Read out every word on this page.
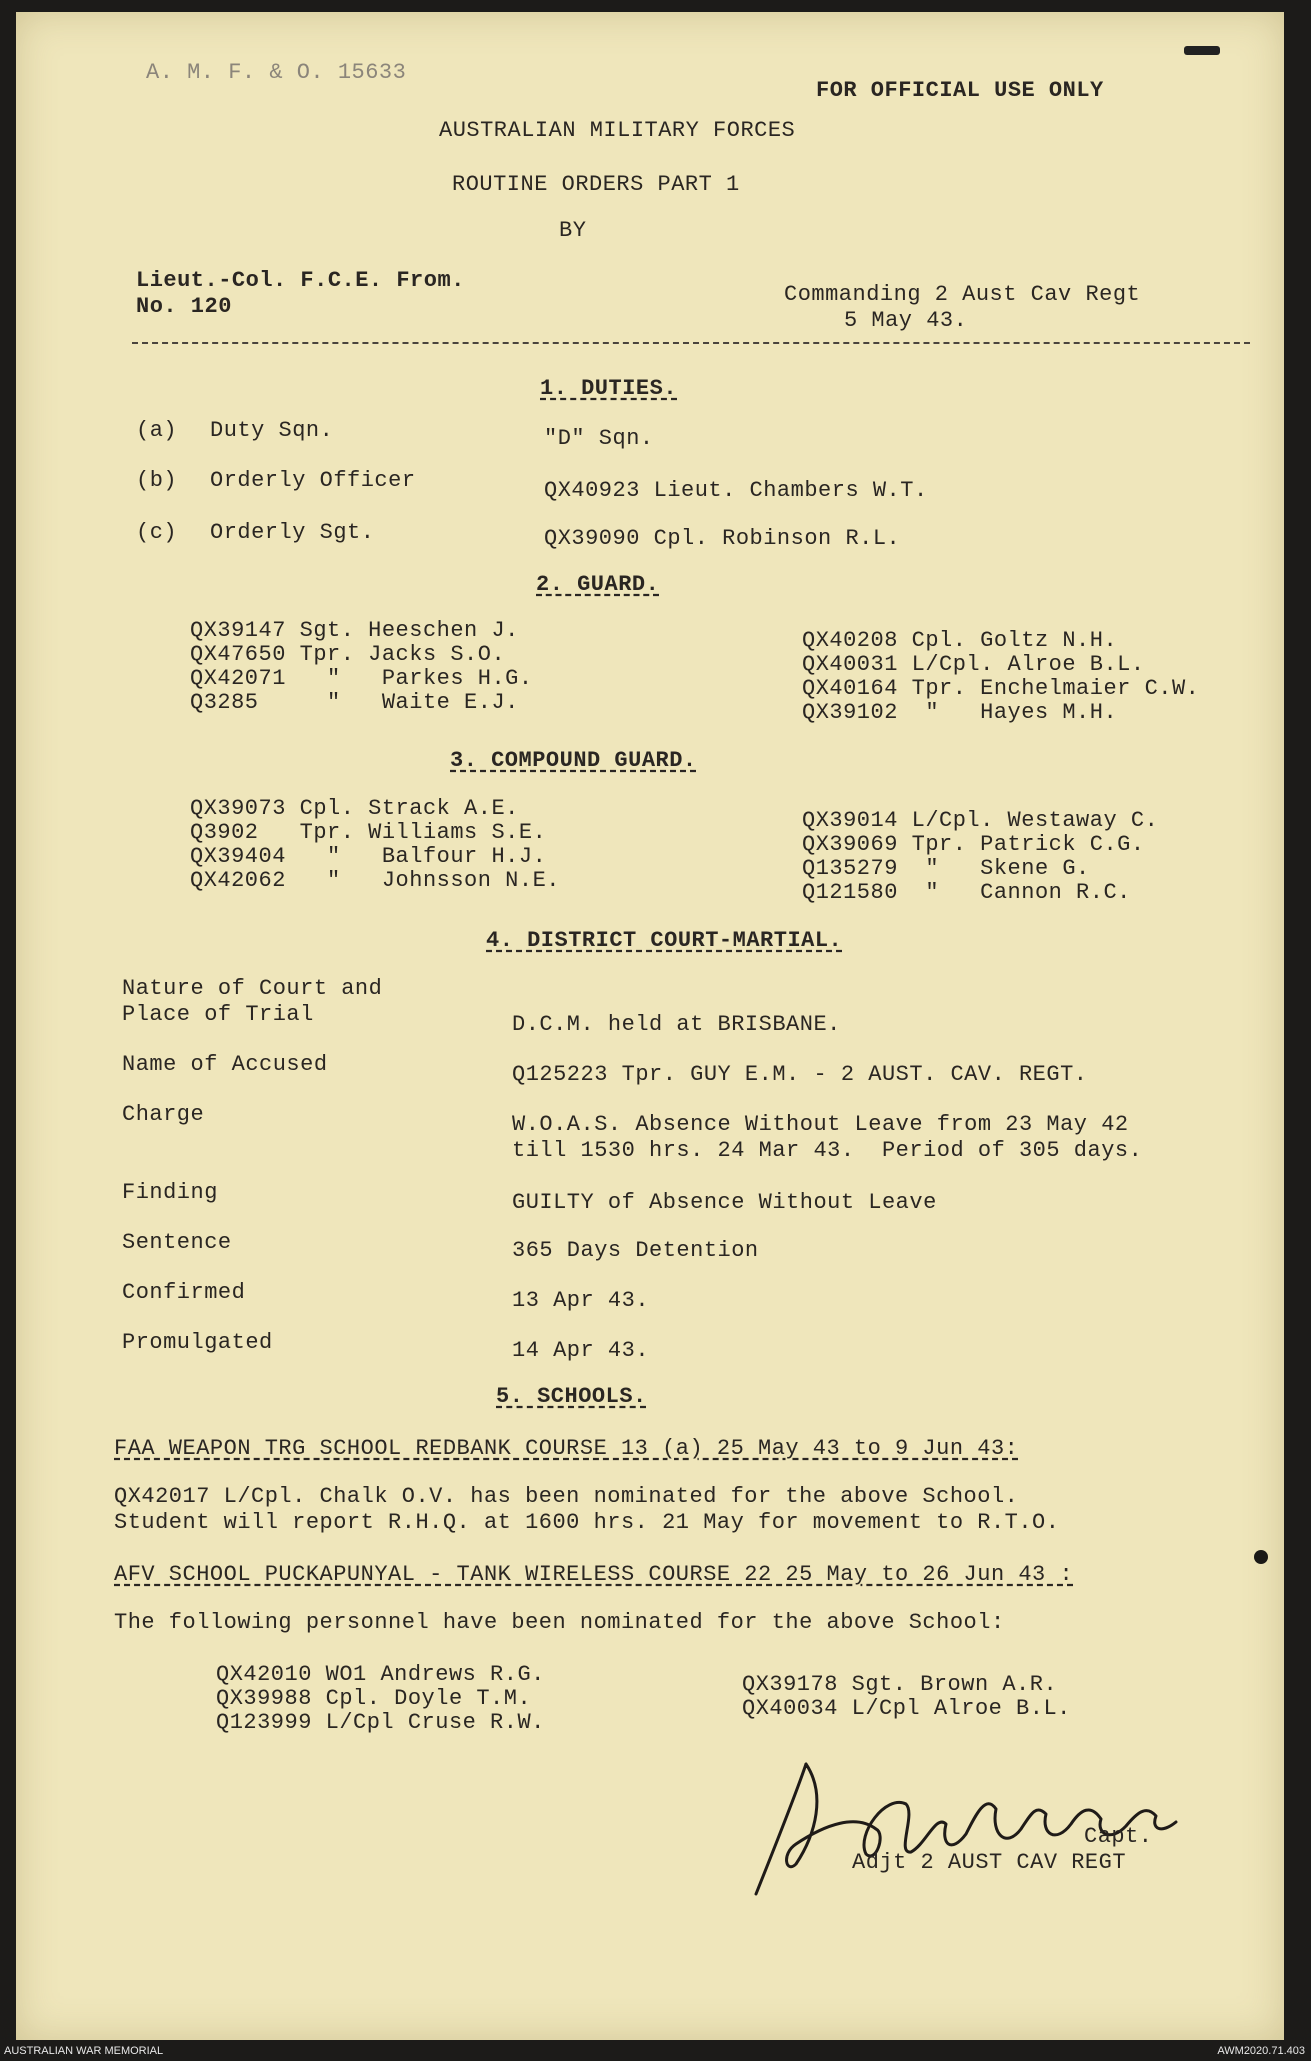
A. M. F. & O. 15633
FOR OFFICIAL USE ONLY
AUSTRALIAN MILITARY FORCES
ROUTINE ORDERS PART 1
BY
Lieut.-Col. F.C.E. From.
No. 120	Commanding 2 Aust Cav Regt
5 May 43.
1. DUTIES.
(a) Duty Sqn.	"D" Sqn.
(b) Orderly Officer	QX40923 Lieut. Chambers W.T.
(c) Orderly Sgt.	QX39090 Cpl. Robinson R.L.
2. GUARD.
QX39147 Sgt. Heeschen J.
QX47650 Tpr. Jacks S.O.
QX42071 " Parkes H.G.
Q3285	" Waite E.J.
QX40208 Cpl. Goltz N.H.
QX40031 L/Cpl. Alroe B.L.
QX40164 Tpr. Enchelmaier C.W.
QX39102 " Hayes M.H.
3. COMPOUND GUARD.
QX39073 Cpl. Strack A.E.
Q3902 Tpr. Williams S.E.
QX39404 " Balfour H.J.
QX42062 " Johnsson N.E.
QX39014 L/Cpl. Westaway C.
QX39069 Tpr. Patrick C.G.
Q135279 " Skene G.
Q121580 " Cannon R.C.
4. DISTRICT COURT-MARTIAL.
Nature of Court and
Place of Trial	D.C.M. held at BRISBANE.
Name of Accused	Q125223 Tpr. GUY E.M. - 2 AUST. CAV. REGT.
Charge	W.O.A.S. Absence Without Leave from 23 May 42
till 1530 hrs. 24 Mar 43.  Period of 305 days.
Finding	GUILTY of Absence Without Leave
Sentence	365 Days Detention
Confirmed	13 Apr 43.
Promulgated	14 Apr 43.
5. SCHOOLS.
FAA WEAPON TRG SCHOOL REDBANK COURSE 13 (a) 25 May 43 to 9 Jun 43:
QX42017 L/Cpl. Chalk O.V. has been nominated for the above School.
Student will report R.H.Q. at 1600 hrs. 21 May for movement to R.T.O.
AFV SCHOOL PUCKAPUNYAL - TANK WIRELESS COURSE 22 25 May to 26 Jun 43 :
The following personnel have been nominated for the above School:
QX42010 WO1 Andrews R.G.
QX39988 Cpl. Doyle T.M.
Q123999 L/Cpl Cruse R.W.
QX39178 Sgt. Brown A.R.
QX40034 L/Cpl Alroe B.L.
Capt.
Adjt 2 AUST CAV REGT
AUSTRALIAN WAR MEMORIAL	AWM2020.71.403
